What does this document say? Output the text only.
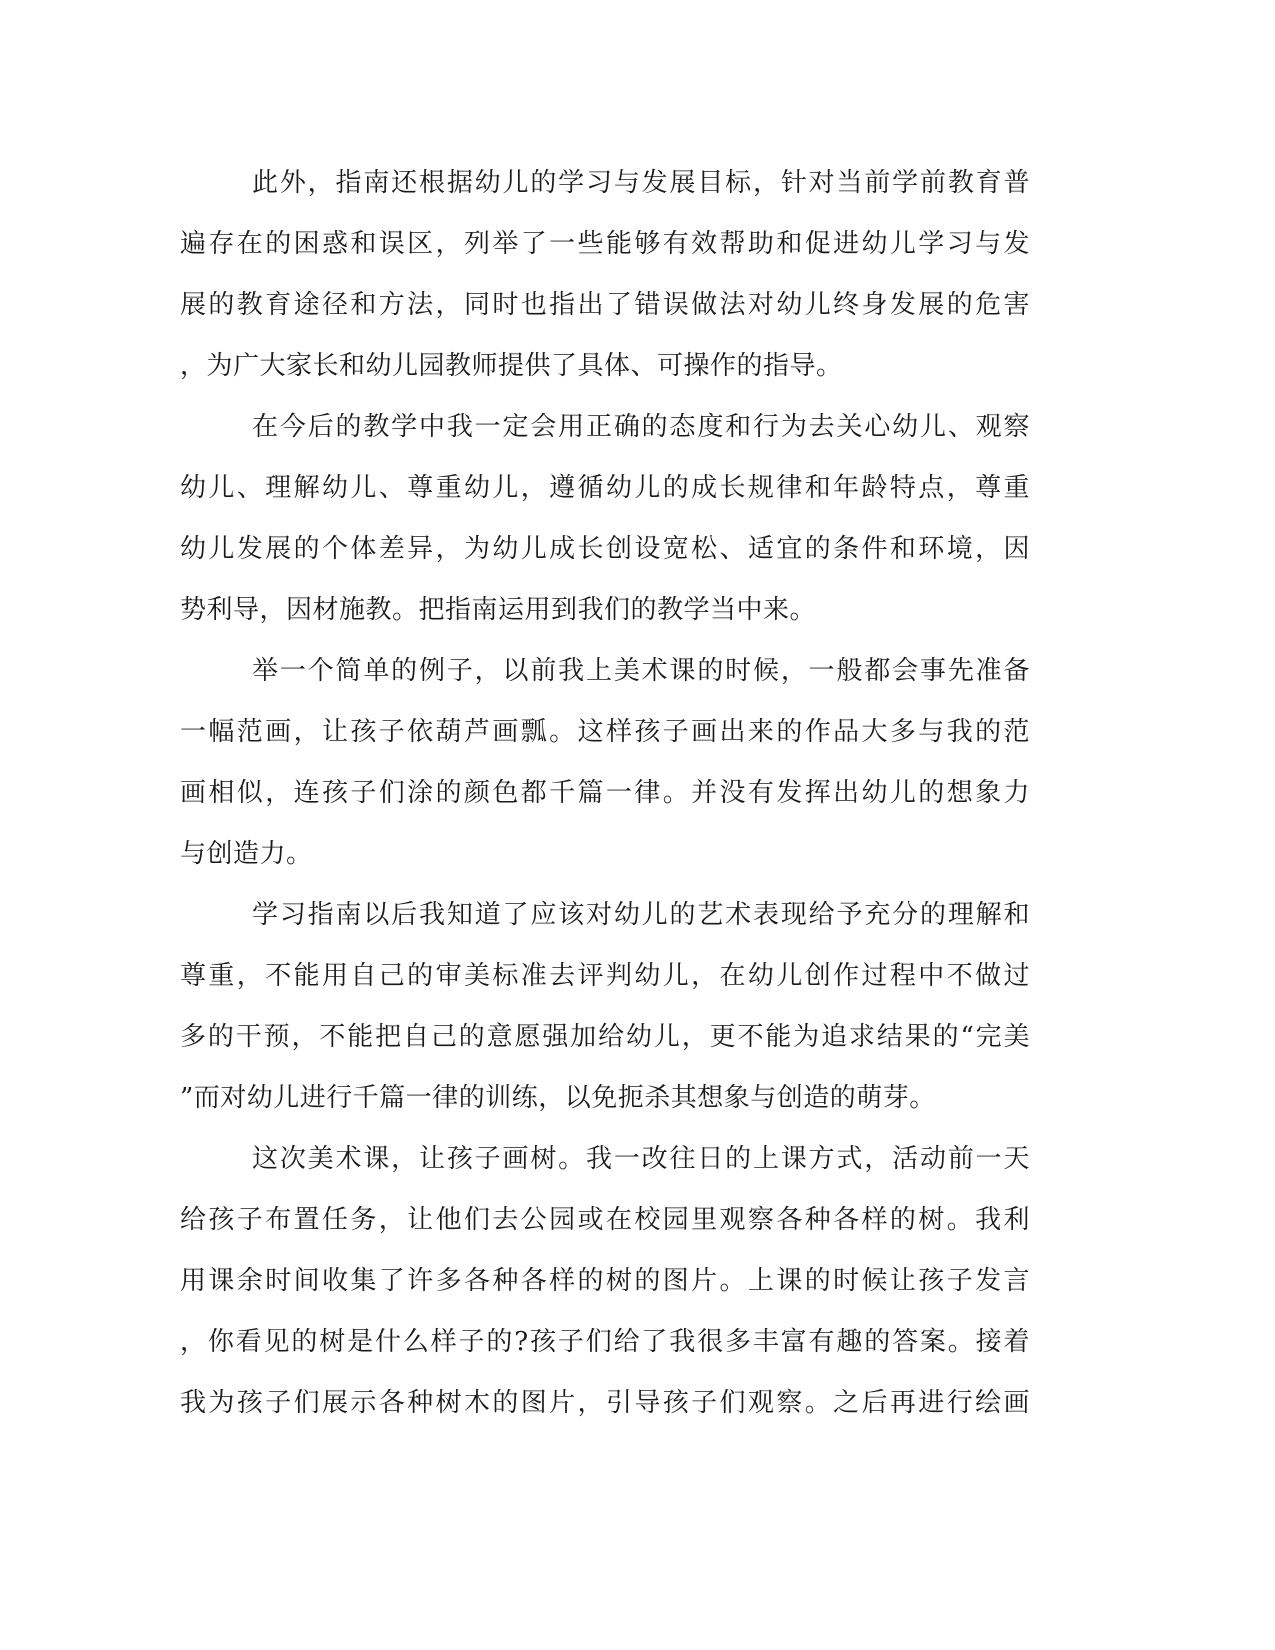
此外，指南还根据幼儿的学习与发展目标，针对当前学前教育普
遍存在的困惑和误区，列举了一些能够有效帮助和促进幼儿学习与发
展的教育途径和方法，同时也指出了错误做法对幼儿终身发展的危害
，为广大家长和幼儿园教师提供了具体、可操作的指导。
在今后的教学中我一定会用正确的态度和行为去关心幼儿、观察
幼儿、理解幼儿、尊重幼儿，遵循幼儿的成长规律和年龄特点，尊重
幼儿发展的个体差异，为幼儿成长创设宽松、适宜的条件和环境，因
势利导，因材施教。把指南运用到我们的教学当中来。
举一个简单的例子，以前我上美术课的时候，一般都会事先准备
一幅范画，让孩子依葫芦画瓢。这样孩子画出来的作品大多与我的范
画相似，连孩子们涂的颜色都千篇一律。并没有发挥出幼儿的想象力
与创造力。
学习指南以后我知道了应该对幼儿的艺术表现给予充分的理解和
尊重，不能用自己的审美标准去评判幼儿，在幼儿创作过程中不做过
多的干预，不能把自己的意愿强加给幼儿，更不能为追求结果的“完美
”而对幼儿进行千篇一律的训练，以免扼杀其想象与创造的萌芽。
这次美术课，让孩子画树。我一改往日的上课方式，活动前一天
给孩子布置任务，让他们去公园或在校园里观察各种各样的树。我利
用课余时间收集了许多各种各样的树的图片。上课的时候让孩子发言
，你看见的树是什么样子的?孩子们给了我很多丰富有趣的答案。接着
我为孩子们展示各种树木的图片，引导孩子们观察。之后再进行绘画
